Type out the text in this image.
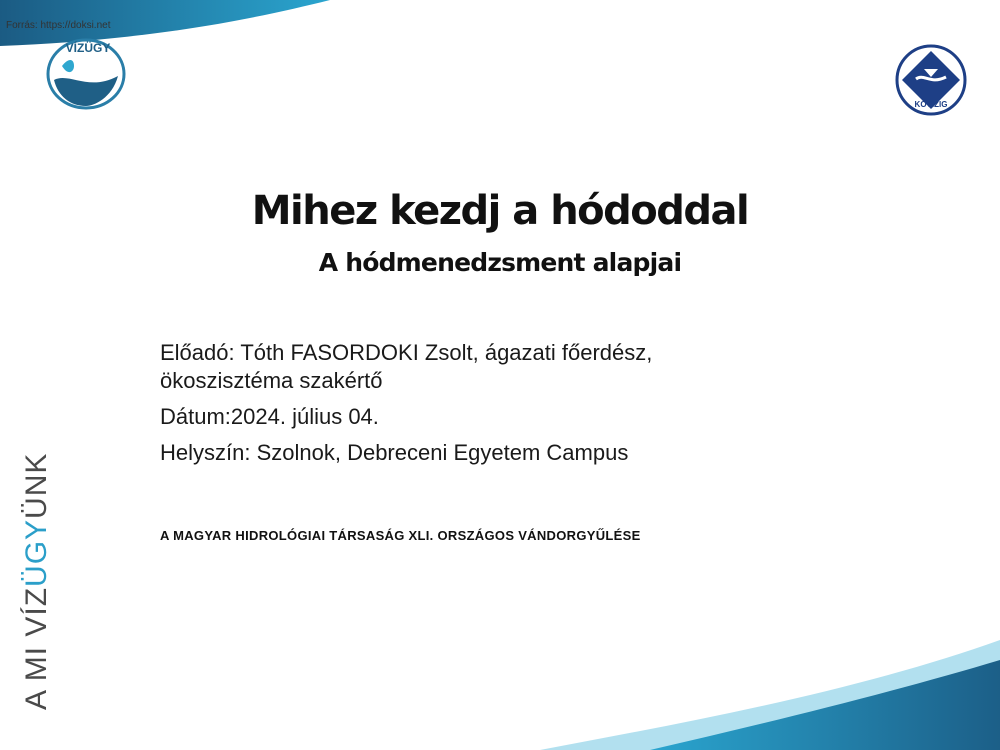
Forrás: https://doksi.net
VÍZÜGY
KÖVIZIG
Mihez kezdj a hódoddal
A hódmenedzsment alapjai
Előadó: Tóth FASORDOKI Zsolt, ágazati főerdész,
ökoszisztéma szakértő
Dátum:2024. július 04.
Helyszín: Szolnok, Debreceni Egyetem Campus
A MAGYAR HIDROLÓGIAI TÁRSASÁG XLI. ORSZÁGOS VÁNDORGYŰLÉSE
A MI VÍZÜGYÜNK
